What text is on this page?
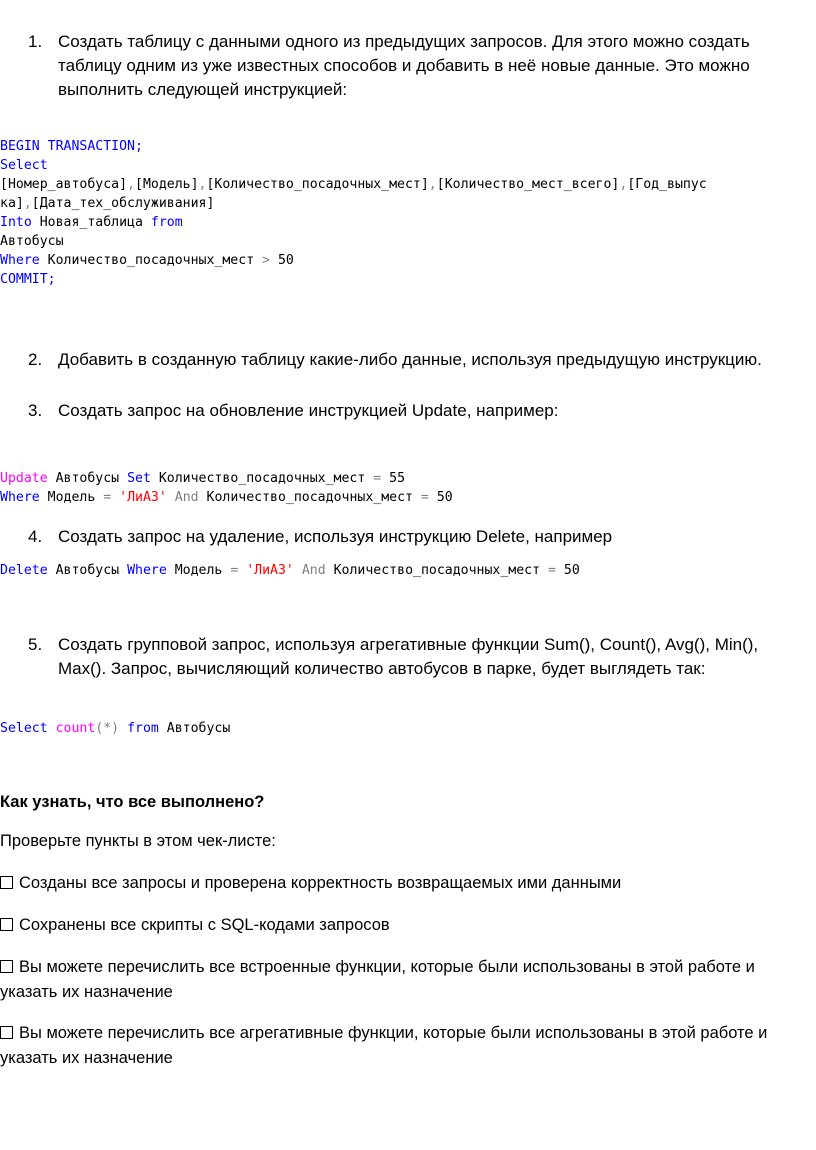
1. Создать таблицу с данными одного из предыдущих запросов. Для этого можно создать таблицу одним из уже известных способов и добавить в неё новые данные. Это можно выполнить следующей инструкцией:
BEGIN TRANSACTION;
Select
[Номер_автобуса],[Модель],[Количество_посадочных_мест],[Количество_мест_всего],[Год_выпус
ка],[Дата_тех_обслуживания]
Into Новая_таблица from
Автобусы
Where Количество_посадочных_мест > 50
COMMIT;
2. Добавить в созданную таблицу какие-либо данные, используя предыдущую инструкцию.
3. Создать запрос на обновление инструкцией Update, например:
Update Автобусы Set Количество_посадочных_мест = 55
Where Модель = 'ЛиАЗ' And Количество_посадочных_мест = 50
4. Создать запрос на удаление, используя инструкцию Delete, например
Delete Автобусы Where Модель = 'ЛиАЗ' And Количество_посадочных_мест = 50
5. Создать групповой запрос, используя агрегативные функции Sum(), Count(), Avg(), Min(), Max(). Запрос, вычисляющий количество автобусов в парке, будет выглядеть так:
Select count(*) from Автобусы
Как узнать, что все выполнено?
Проверьте пункты в этом чек-листе:
Созданы все запросы и проверена корректность возвращаемых ими данными
Сохранены все скрипты с SQL-кодами запросов
Вы можете перечислить все встроенные функции, которые были использованы в этой работе и указать их назначение
Вы можете перечислить все агрегативные функции, которые были использованы в этой работе и указать их назначение
